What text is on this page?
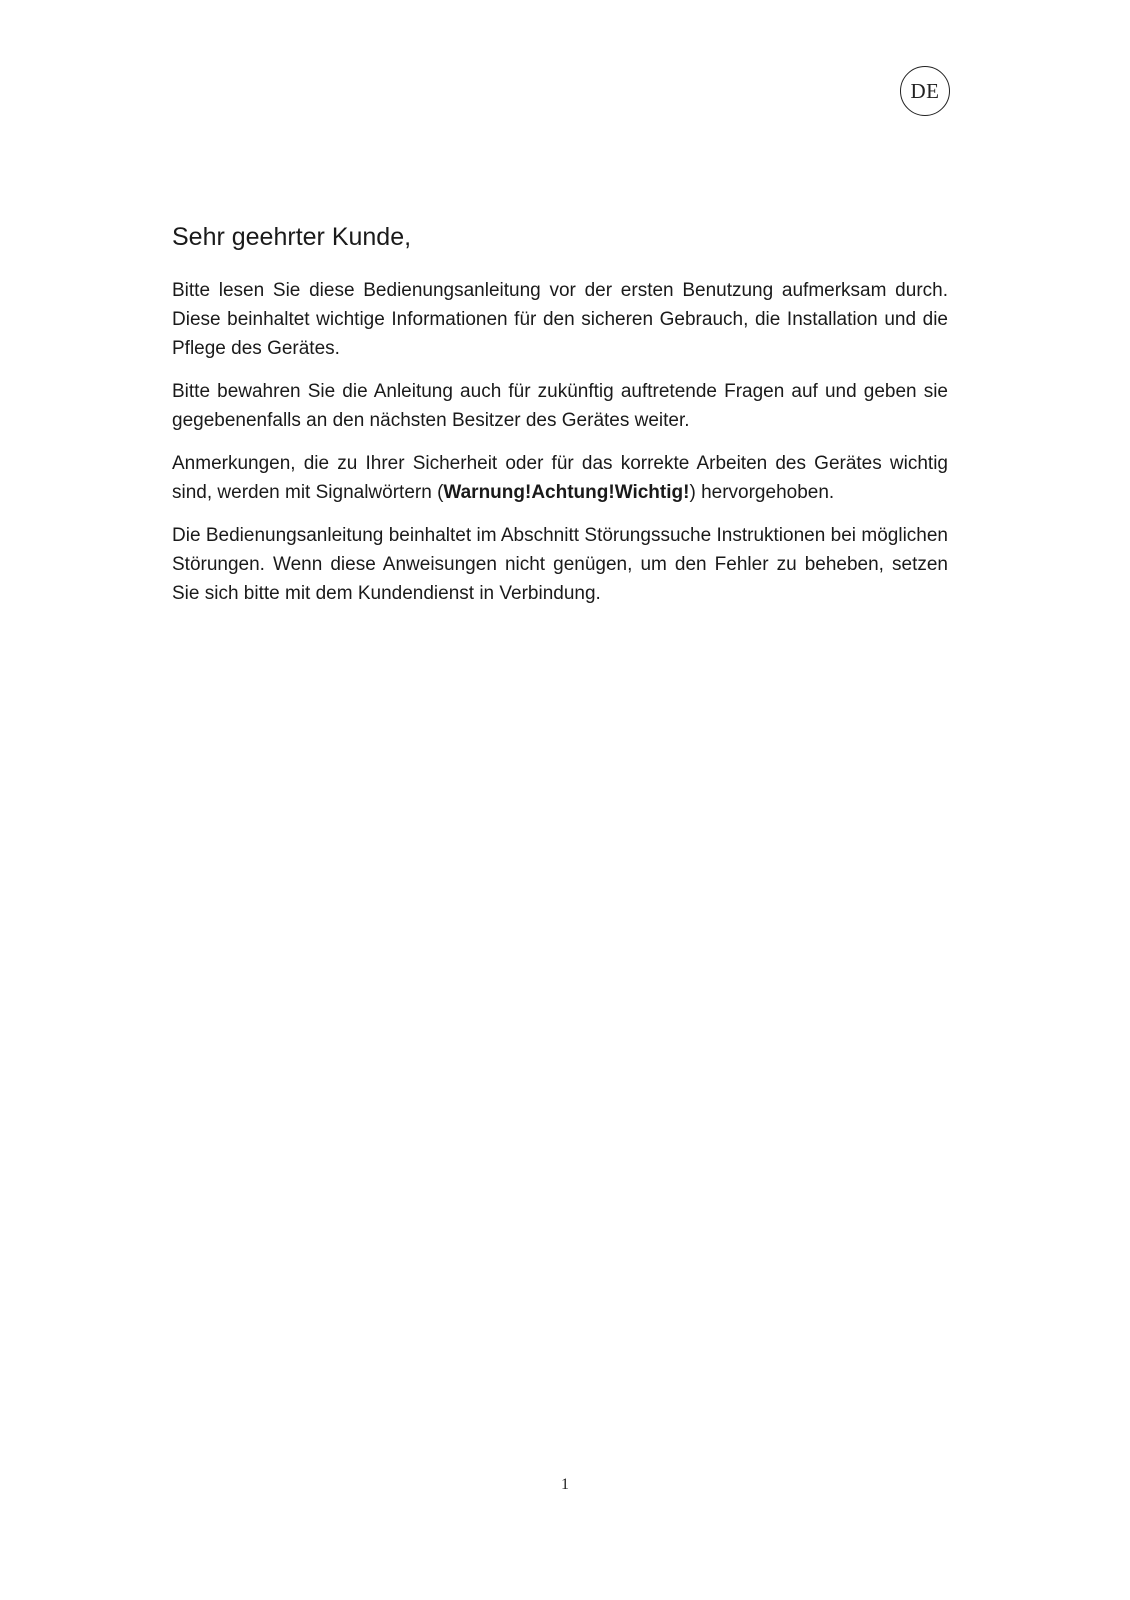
DE
Sehr geehrter Kunde,

Bitte lesen Sie diese Bedienungsanleitung vor der ersten Benutzung aufmerksam durch. Diese beinhaltet wichtige Informationen für den sicheren Gebrauch, die Installation und die Pflege des Gerätes.

Bitte bewahren Sie die Anleitung auch für zukünftig auftretende Fragen auf und geben sie gegebenenfalls an den nächsten Besitzer des Gerätes weiter.

Anmerkungen, die zu Ihrer Sicherheit oder für das korrekte Arbeiten des Gerätes wichtig sind, werden mit Signalwörtern (Warnung!Achtung!Wichtig!) hervorgehoben.

Die Bedienungsanleitung beinhaltet im Abschnitt Störungssuche Instruktionen bei möglichen Störungen. Wenn diese Anweisungen nicht genügen, um den Fehler zu beheben, setzen Sie sich bitte mit dem Kundendienst in Verbindung.

1
